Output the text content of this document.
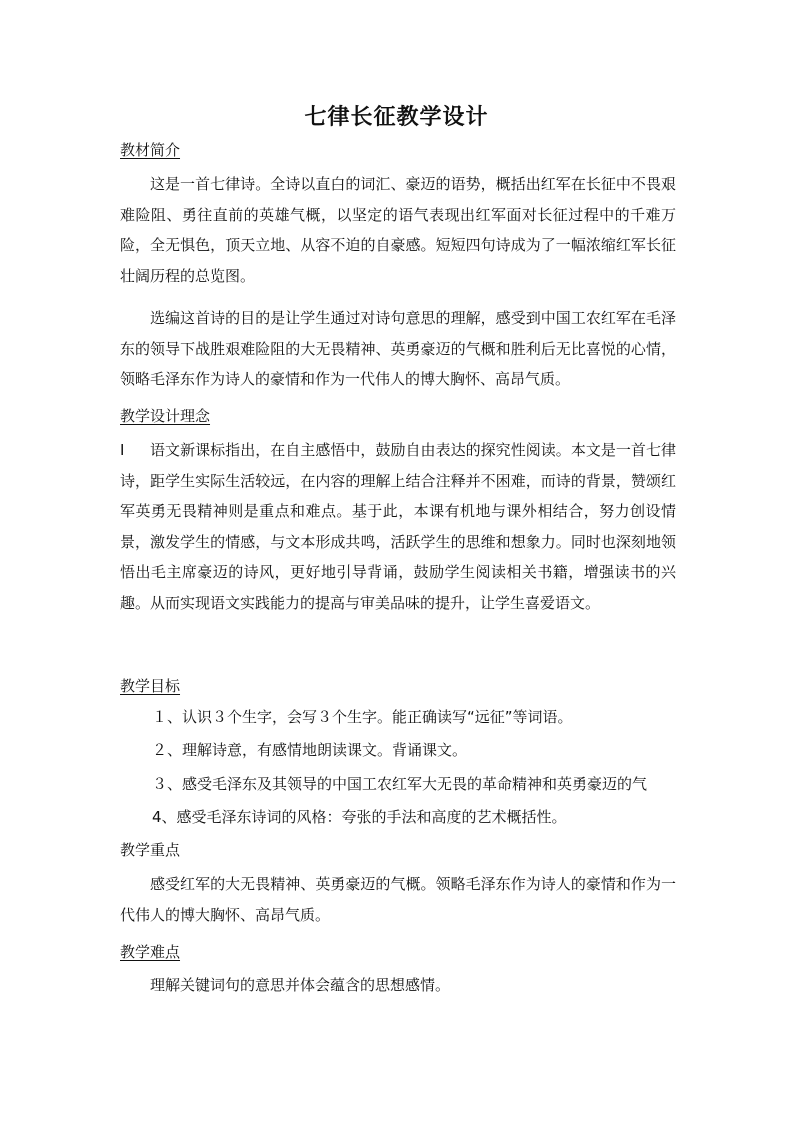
七律长征教学设计
教材简介
这是一首七律诗。全诗以直白的词汇、豪迈的语势，概括出红军在长征中不畏艰难险阻、勇往直前的英雄气概，以坚定的语气表现出红军面对长征过程中的千难万险，全无惧色，顶天立地、从容不迫的自豪感。短短四句诗成为了一幅浓缩红军长征壮阔历程的总览图。
选编这首诗的目的是让学生通过对诗句意思的理解，感受到中国工农红军在毛泽东的领导下战胜艰难险阻的大无畏精神、英勇豪迈的气概和胜利后无比喜悦的心情，领略毛泽东作为诗人的豪情和作为一代伟人的博大胸怀、高昂气质。
教学设计理念
I 语文新课标指出，在自主感悟中，鼓励自由表达的探究性阅读。本文是一首七律诗，距学生实际生活较远，在内容的理解上结合注释并不困难，而诗的背景，赞颂红军英勇无畏精神则是重点和难点。基于此，本课有机地与课外相结合，努力创设情景，激发学生的情感，与文本形成共鸣，活跃学生的思维和想象力。同时也深刻地领悟出毛主席豪迈的诗风，更好地引导背诵，鼓励学生阅读相关书籍，增强读书的兴趣。从而实现语文实践能力的提高与审美品味的提升，让学生喜爱语文。
教学目标
１、认识３个生字，会写３个生字。能正确读写“远征”等词语。
２、理解诗意，有感情地朗读课文。背诵课文。
３、感受毛泽东及其领导的中国工农红军大无畏的革命精神和英勇豪迈的气
4、感受毛泽东诗词的风格：夸张的手法和高度的艺术概括性。
教学重点
感受红军的大无畏精神、英勇豪迈的气概。领略毛泽东作为诗人的豪情和作为一代伟人的博大胸怀、高昂气质。
教学难点
理解关键词句的意思并体会蕴含的思想感情。
